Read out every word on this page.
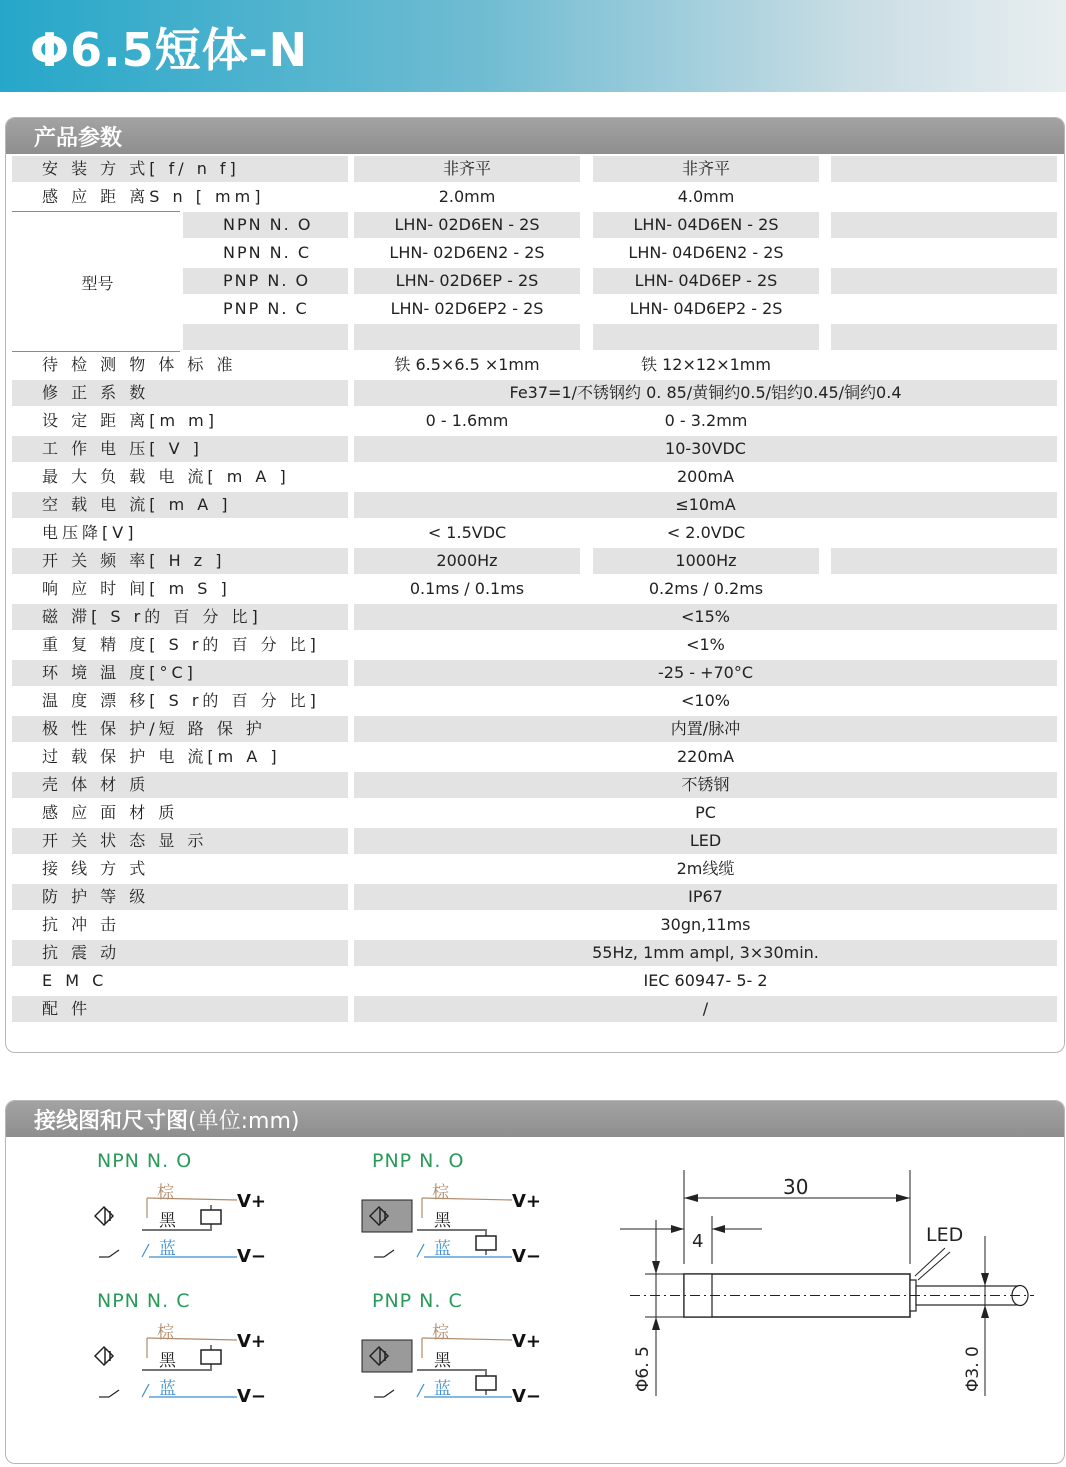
Φ6.5短体-N
产品参数
安 装 方 式[ f/ n f]	非齐平	非齐平
感 应 距 离S n [ mm]	2.0mm	4.0mm
NPN N. O	LHN- 02D6EN - 2S	LHN- 04D6EN - 2S
NPN N. C	LHN- 02D6EN2 - 2S	LHN- 04D6EN2 - 2S
PNP N. O	LHN- 02D6EP - 2S	LHN- 04D6EP - 2S
PNP N. C	LHN- 02D6EP2 - 2S	LHN- 04D6EP2 - 2S
型号
待 检 测 物 体 标 准	铁 6.5×6.5 ×1mm	铁 12×12×1mm
修 正 系 数	Fe37=1/不锈钢约 0. 85/黄铜约0.5/铝约0.45/铜约0.4
设 定 距 离[m m]	0 - 1.6mm	0 - 3.2mm
工 作 电 压[ V ]	10-30VDC
最 大 负 载 电 流[ m A ]	200mA
空 载 电 流[ m A ]	≤10mA
电压降[V]	< 1.5VDC	< 2.0VDC
开 关 频 率[ H z ]	2000Hz	1000Hz
响 应 时 间[ m S ]	0.1ms / 0.1ms	0.2ms / 0.2ms
磁 滞[ S r的 百 分 比]	<15%
重 复 精 度[ S r的 百 分 比]	<1%
环 境 温 度[°C]	-25 - +70°C
温 度 漂 移[ S r的 百 分 比]	<10%
极 性 保 护/短 路 保 护	内置/脉冲
过 载 保 护 电 流[m A ]	220mA
壳 体 材 质	不锈钢
感 应 面 材 质	PC
开 关 状 态 显 示	LED
接 线 方 式	2m线缆
防 护 等 级	IP67
抗 冲 击	30gn,11ms
抗 震 动	55Hz, 1mm ampl, 3×30min.
E M C	IEC 60947- 5- 2
配 件	/
接线图和尺寸图(单位:mm)
NPN N. O
棕	V+
黑
蓝	V−
PNP N. O
棕	V+
黑
蓝	V−
NPN N. C
棕	V+
黑
蓝	V−
PNP N. C
棕	V+
黑
蓝	V−
30
4
Φ6. 5	Φ3. 0
LED
